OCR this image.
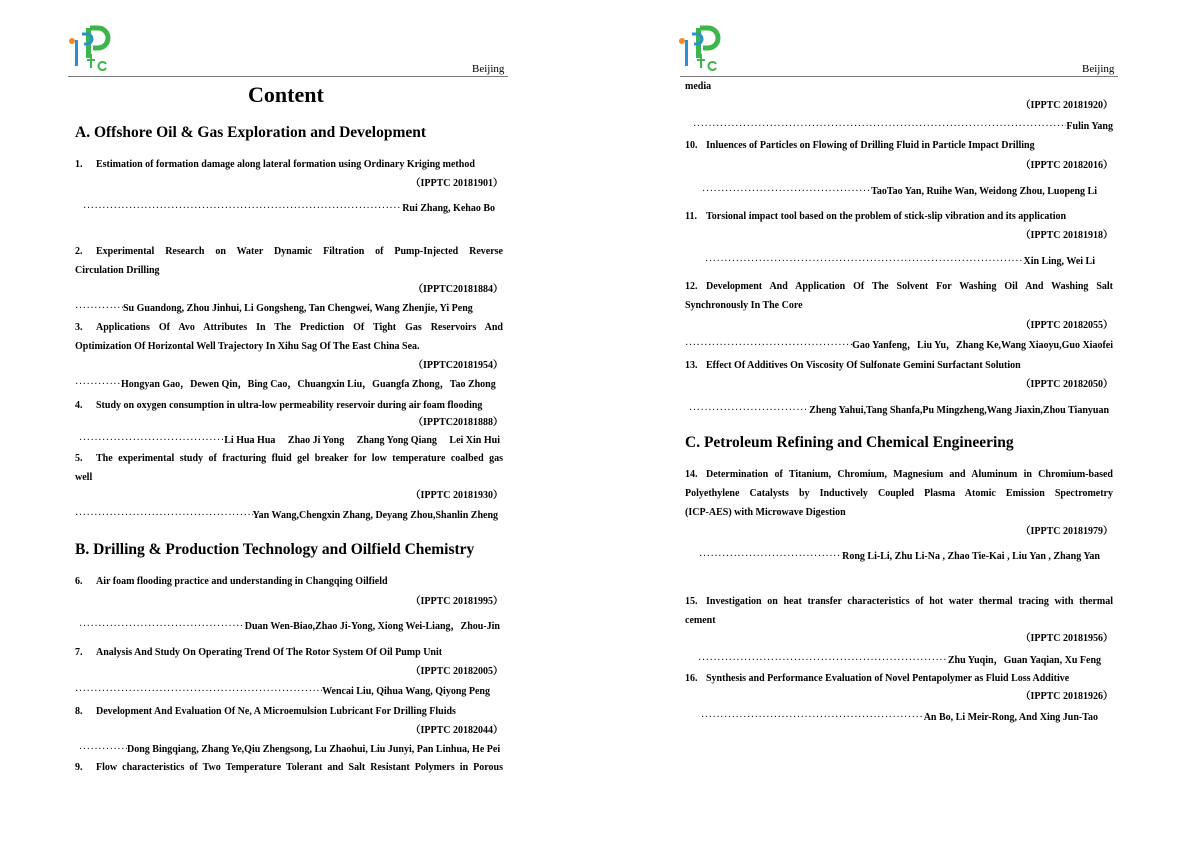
Beijing
Content
A. Offshore Oil & Gas Exploration and Development
1. Estimation of formation damage along lateral formation using Ordinary Kriging method
（IPPTC 20181901）
·····
Rui Zhang, Kehao Bo
2. Experimental Research on Water Dynamic Filtration of Pump-Injected Reverse
Circulation Drilling
（IPPTC20181884）
·····
Su Guandong, Zhou Jinhui, Li Gongsheng, Tan Chengwei, Wang Zhenjie, Yi Peng
3. Applications Of Avo Attributes In The Prediction Of Tight Gas Reservoirs And
Optimization Of Horizontal Well Trajectory In Xihu Sag Of The East China Sea.
（IPPTC20181954）
·····
Hongyan Gao，Dewen Qin，Bing Cao，Chuangxin Liu，Guangfa Zhong，Tao Zhong
4. Study on oxygen consumption in ultra-low permeability reservoir during air foam flooding
（IPPTC20181888）
·····
Li Hua Hua　 Zhao Ji Yong　 Zhang Yong Qiang　 Lei Xin Hui
5. The experimental study of fracturing fluid gel breaker for low temperature coalbed gas
well
（IPPTC 20181930）
·····
Yan Wang,Chengxin Zhang, Deyang Zhou,Shanlin Zheng
B. Drilling & Production Technology and Oilfield Chemistry
6. Air foam flooding practice and understanding in Changqing Oilfield
（IPPTC 20181995）
·····
Duan Wen-Biao,Zhao Ji-Yong, Xiong Wei-Liang，Zhou-Jin
7. Analysis And Study On Operating Trend Of The Rotor System Of Oil Pump Unit
（IPPTC 20182005）
·····
Wencai Liu, Qihua Wang, Qiyong Peng
8. Development And Evaluation Of Ne, A Microemulsion Lubricant For Drilling Fluids
（IPPTC 20182044）
·····
Dong Bingqiang, Zhang Ye,Qiu Zhengsong, Lu Zhaohui, Liu Junyi, Pan Linhua, He Pei
9. Flow characteristics of Two Temperature Tolerant and Salt Resistant Polymers in Porous
Beijing
media
（IPPTC 20181920）
·····
Fulin Yang
10. Inluences of Particles on Flowing of Drilling Fluid in Particle Impact Drilling
（IPPTC 20182016）
·····
TaoTao Yan, Ruihe Wan, Weidong Zhou, Luopeng Li
11. Torsional impact tool based on the problem of stick-slip vibration and its application
（IPPTC 20181918）
·····
Xin Ling, Wei Li
12. Development And Application Of The Solvent For Washing Oil And Washing Salt
Synchronously In The Core
（IPPTC 20182055）
·····
Gao Yanfeng，Liu Yu，Zhang Ke,Wang Xiaoyu,Guo Xiaofei
13. Effect Of Additives On Viscosity Of Sulfonate Gemini Surfactant Solution
（IPPTC 20182050）
·····
Zheng Yahui,Tang Shanfa,Pu Mingzheng,Wang Jiaxin,Zhou Tianyuan
C. Petroleum Refining and Chemical Engineering
14. Determination of Titanium, Chromium, Magnesium and Aluminum in Chromium-based
Polyethylene Catalysts by Inductively Coupled Plasma Atomic Emission Spectrometry
(ICP-AES) with Microwave Digestion
（IPPTC 20181979）
·····
Rong Li-Li, Zhu Li-Na , Zhao Tie-Kai , Liu Yan , Zhang Yan
15. Investigation on heat transfer characteristics of hot water thermal tracing with thermal
cement
（IPPTC 20181956）
·····
Zhu Yuqin，Guan Yaqian, Xu Feng
16. Synthesis and Performance Evaluation of Novel Pentapolymer as Fluid Loss Additive
（IPPTC 20181926）
·····
An Bo, Li Meir-Rong, And Xing Jun-Tao
